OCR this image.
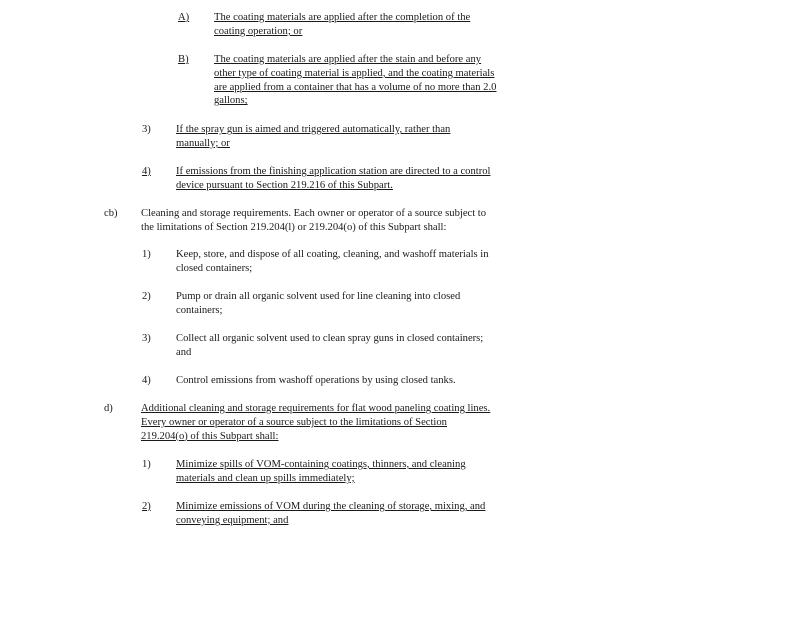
A) The coating materials are applied after the completion of the
coating operation; or
B) The coating materials are applied after the stain and before any
other type of coating material is applied, and the coating materials
are applied from a container that has a volume of no more than 2.0
gallons;
3) If the spray gun is aimed and triggered automatically, rather than
manually; or
4) If emissions from the finishing application station are directed to a control
device pursuant to Section 219.216 of this Subpart.
cb) Cleaning and storage requirements. Each owner or operator of a source subject to
the limitations of Section 219.204(l) or 219.204(o) of this Subpart shall:
1) Keep, store, and dispose of all coating, cleaning, and washoff materials in
closed containers;
2) Pump or drain all organic solvent used for line cleaning into closed
containers;
3) Collect all organic solvent used to clean spray guns in closed containers;
and
4) Control emissions from washoff operations by using closed tanks.
d)	Additional cleaning and storage requirements for flat wood paneling coating lines.
Every owner or operator of a source subject to the limitations of Section
219.204(o) of this Subpart shall:
1) Minimize spills of VOM-containing coatings, thinners, and cleaning
materials and clean up spills immediately;
2) Minimize emissions of VOM during the cleaning of storage, mixing, and
conveying equipment; and
